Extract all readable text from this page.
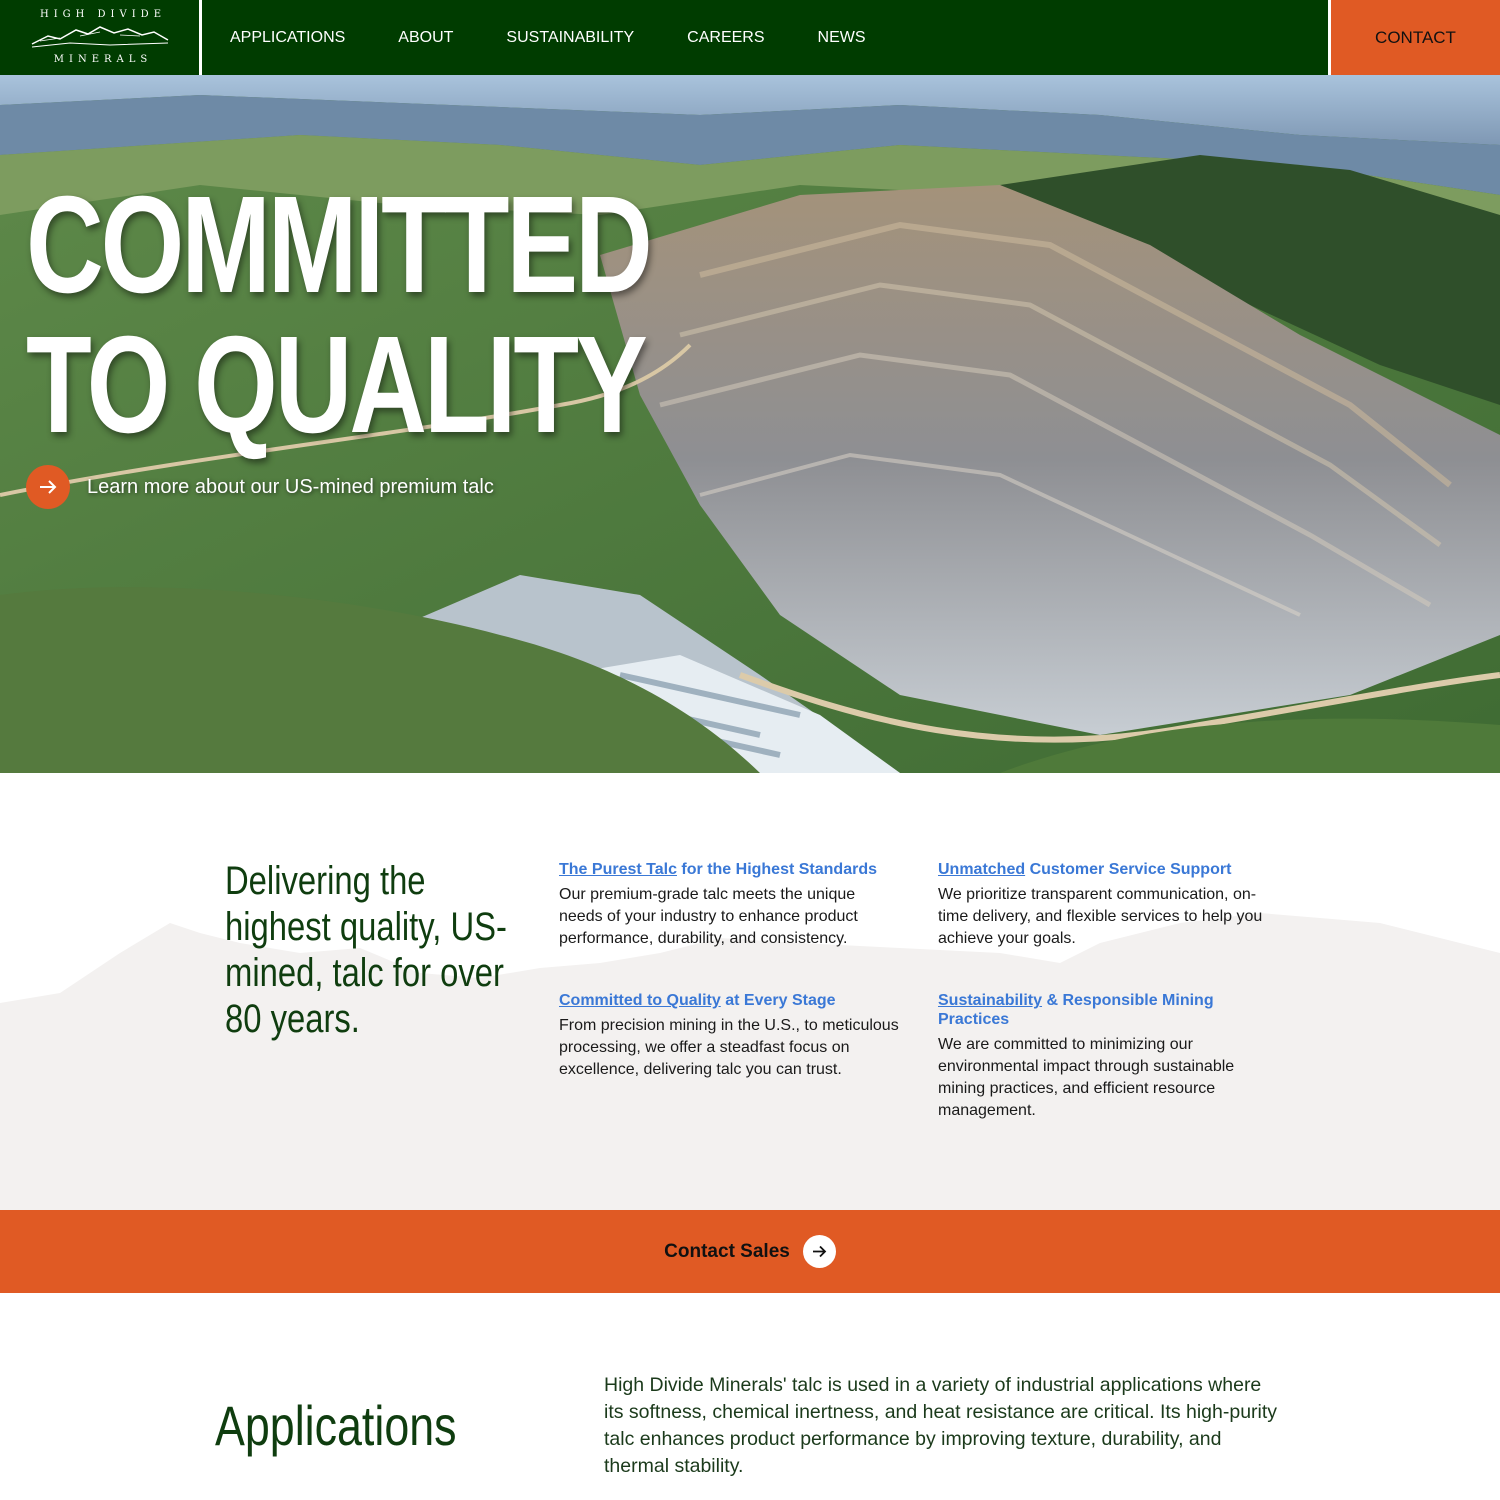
HIGH DIVIDE
MINERALS
APPLICATIONS	ABOUT	SUSTAINABILITY	CAREERS	NEWS	CONTACT
COMMITTED
TO QUALITY
Learn more about our US-mined premium talc
Delivering the highest quality, US-mined, talc for over 80 years.
The Purest Talc for the Highest Standards
Our premium-grade talc meets the unique needs of your industry to enhance product performance, durability, and consistency.
Unmatched Customer Service Support
We prioritize transparent communication, on-time delivery, and flexible services to help you achieve your goals.
Committed to Quality at Every Stage
From precision mining in the U.S., to meticulous processing, we offer a steadfast focus on excellence, delivering talc you can trust.
Sustainability & Responsible Mining Practices
We are committed to minimizing our environmental impact through sustainable mining practices, and efficient resource management.
Contact Sales
Applications
High Divide Minerals' talc is used in a variety of industrial applications where its softness, chemical inertness, and heat resistance are critical. Its high-purity talc enhances product performance by improving texture, durability, and thermal stability.
